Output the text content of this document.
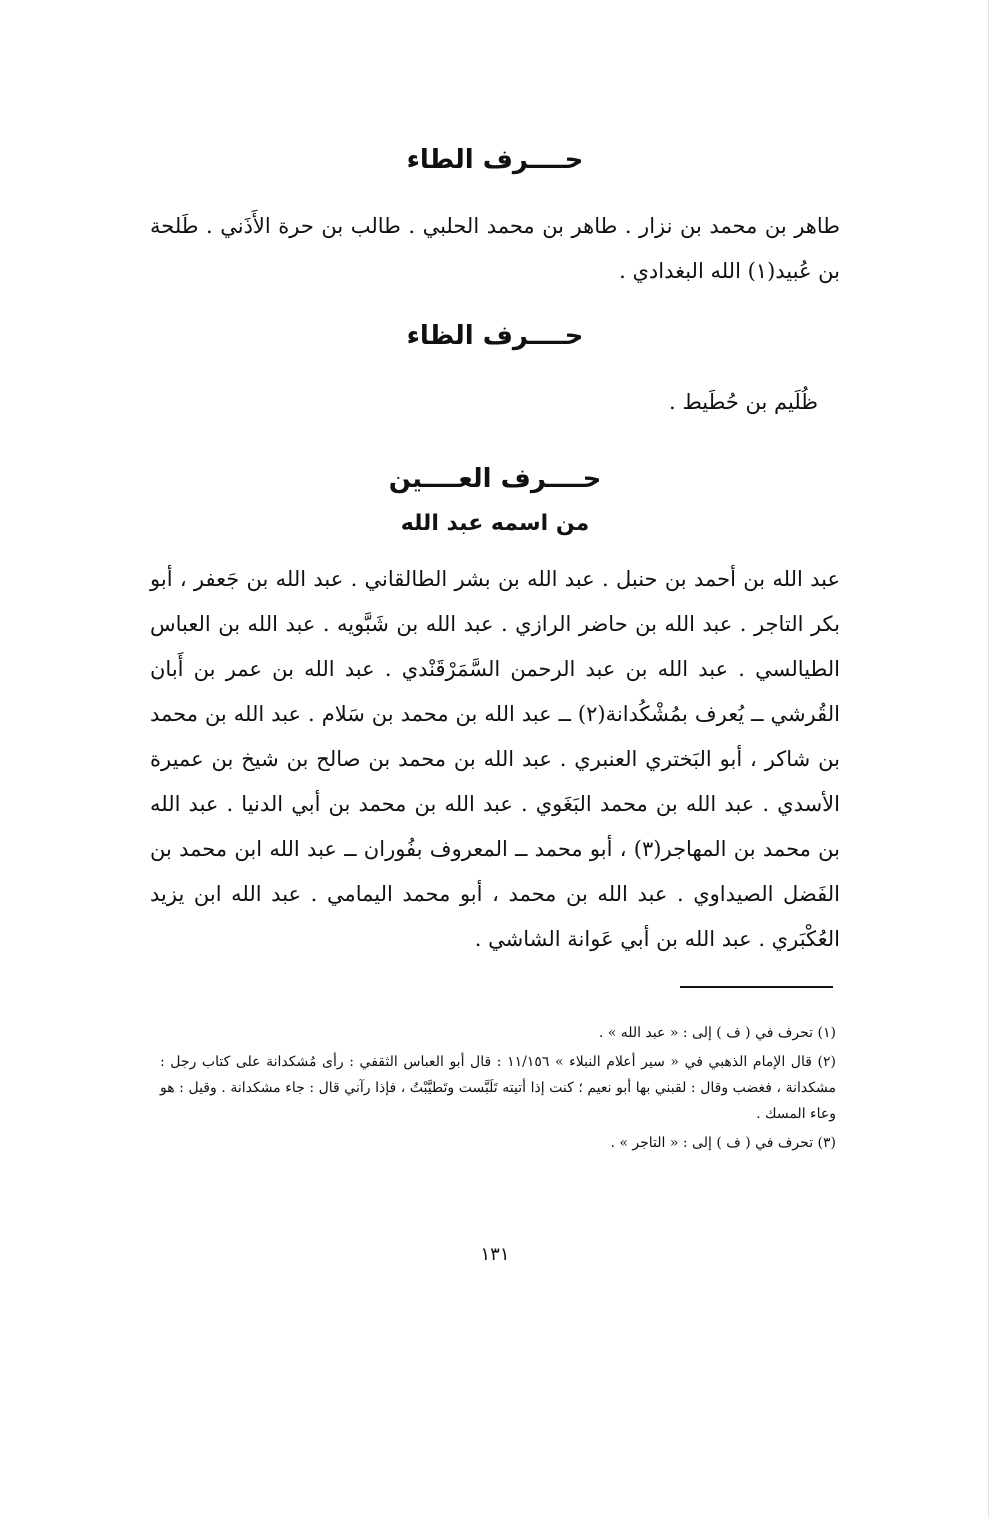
حــــرف الطاء

طاهر بن محمد بن نزار . طاهر بن محمد الحلبي . طالب بن حرة الأَذَني . طَلحة بن عُبيد(١) الله البغدادي .

حــــرف الظاء

ظُلَيم بن حُطَيط .

حــــرف العــــين
من اسمه عبد الله

عبد الله بن أحمد بن حنبل . عبد الله بن بشر الطالقاني . عبد الله بن جَعفر ، أبو بكر التاجر . عبد الله بن حاضر الرازي . عبد الله بن شَبَّويه . عبد الله بن العباس الطيالسي . عبد الله بن عبد الرحمن السَّمَرْقَنْدي . عبد الله بن عمر بن أَبان القُرشي ــ يُعرف بمُشْكُدانة(٢) ــ عبد الله بن محمد بن سَلام . عبد الله بن محمد بن شاكر ، أبو البَختري العنبري . عبد الله بن محمد بن صالح بن شيخ بن عميرة الأسدي . عبد الله بن محمد البَغَوي . عبد الله بن محمد بن أبي الدنيا . عبد الله بن محمد بن المهاجر(٣) ، أبو محمد ــ المعروف بفُوران ــ عبد الله ابن محمد بن الفَضل الصيداوي . عبد الله بن محمد ، أبو محمد اليمامي . عبد الله ابن يزيد العُكْبَري . عبد الله بن أبي عَوانة الشاشي .

(١) تحرف في ( ف ) إلى : « عبد الله » .

(٢) قال الإمام الذهبي في « سير أعلام النبلاء » ١١/١٥٦ : قال أبو العباس الثقفي : رأى مُشكدانة على كتاب رجل : مشكدانة ، فغضب وقال : لقبني بها أبو نعيم ؛ كنت إذا أتيته تَلَبَّست وتَطيَّبْتُ ، فإذا رآني قال : جاء مشكدانة . وقيل : هو وعاء المسك .

(٣) تحرف في ( ف ) إلى : « التاجر » .

١٣١
